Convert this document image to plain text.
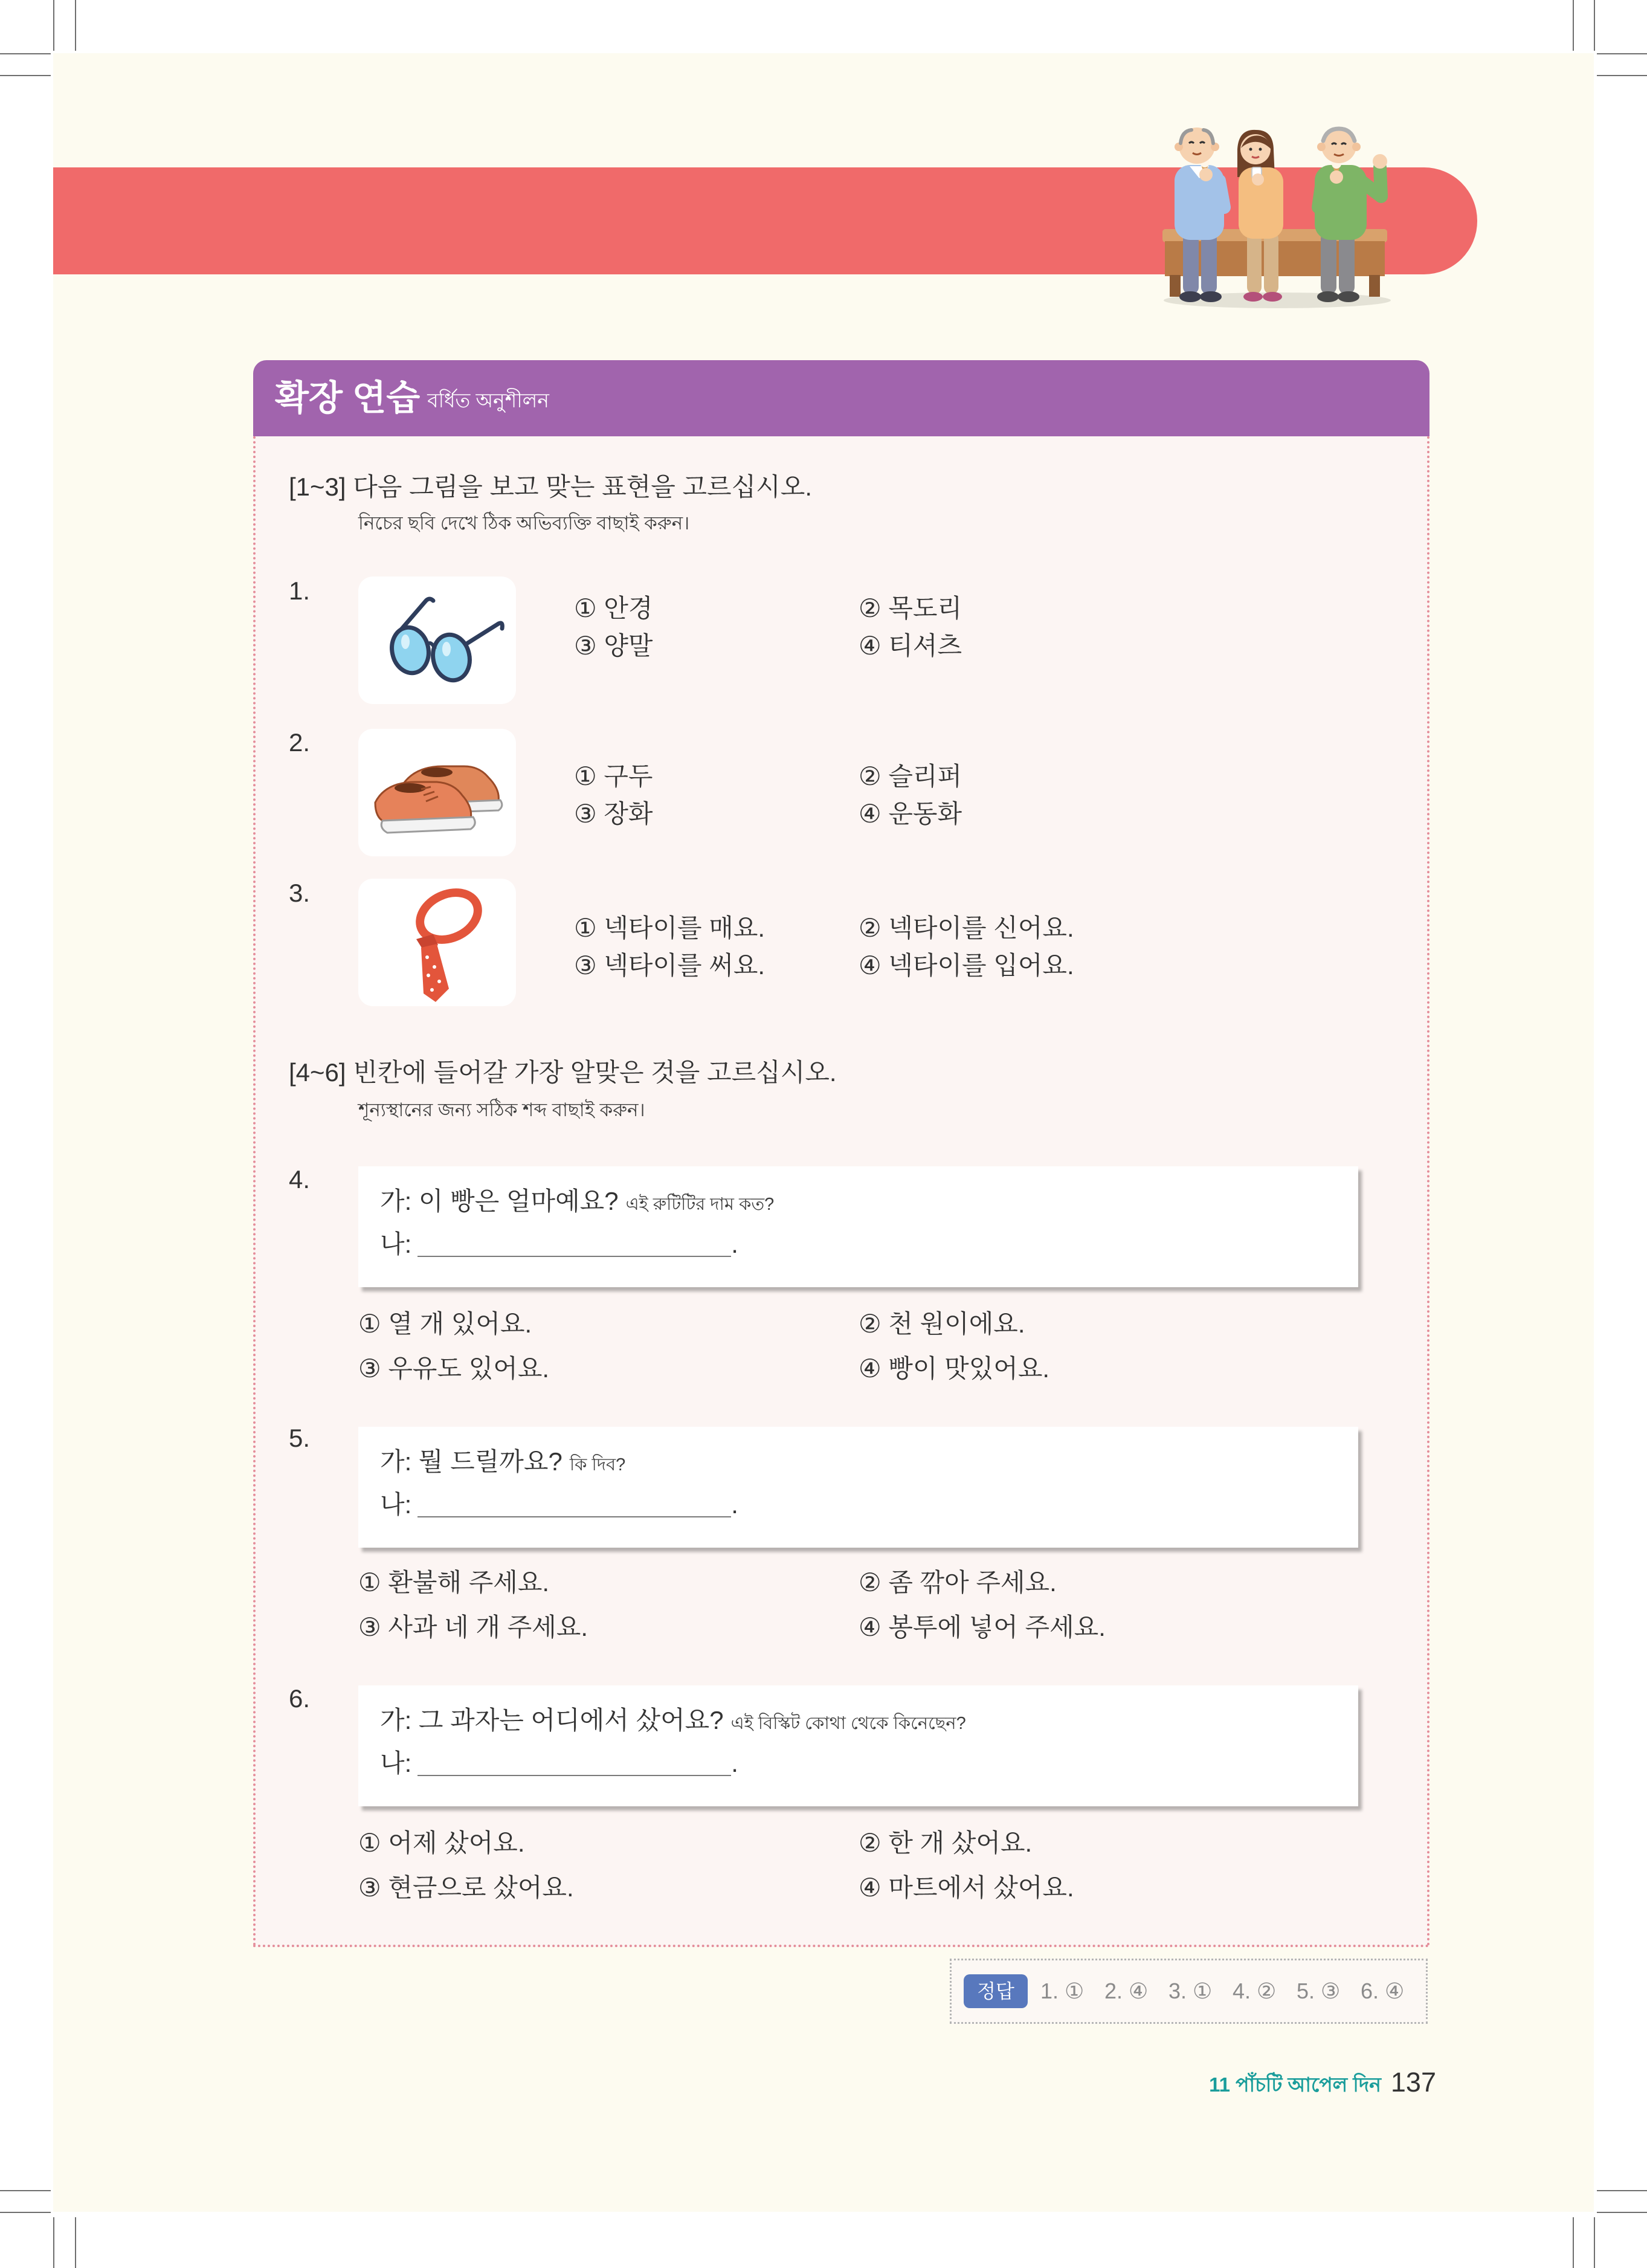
확장 연습 বর্ধিত অনুশীলন
[1~3] 다음 그림을 보고 맞는 표현을 고르십시오.
নিচের ছবি দেখে ঠিক অভিব্যক্তি বাছাই করুন।
1.
① 안경	② 목도리
③ 양말	④ 티셔츠
2.
① 구두	② 슬리퍼
③ 장화	④ 운동화
3.
① 넥타이를 매요.	② 넥타이를 신어요.
③ 넥타이를 써요.	④ 넥타이를 입어요.
[4~6] 빈칸에 들어갈 가장 알맞은 것을 고르십시오.
শূন্যস্থানের জন্য সঠিক শব্দ বাছাই করুন।
4.
가: 이 빵은 얼마예요? এই রুটিটির দাম কত?
나:	.
① 열 개 있어요.	② 천 원이에요.
③ 우유도 있어요.	④ 빵이 맛있어요.
5.
가: 뭘 드릴까요? কি দিব?
나:	.
① 환불해 주세요.	② 좀 깎아 주세요.
③ 사과 네 개 주세요.	④ 봉투에 넣어 주세요.
6.
가: 그 과자는 어디에서 샀어요? এই বিস্কিট কোথা থেকে কিনেছেন?
나:	.
① 어제 샀어요.	② 한 개 샀어요.
③ 현금으로 샀어요.	④ 마트에서 샀어요.
정답	1. ① 2. ④ 3. ① 4. ② 5. ③ 6. ④
11 পাঁচটি আপেল দিন 137
